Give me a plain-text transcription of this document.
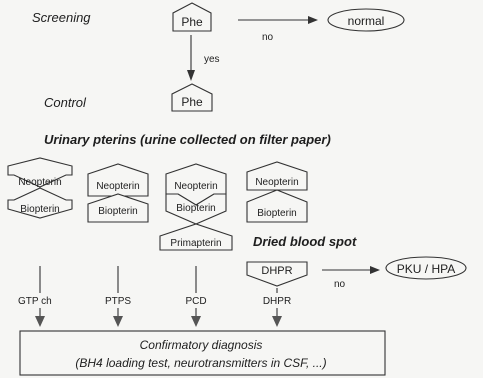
Screening
Control
Urinary pterins (urine collected on filter paper)
Dried blood spot
Phe
no
normal
yes
Phe
Neopterin
Biopterin
Neopterin
Biopterin
Neopterin
Biopterin
Primapterin
Neopterin
Biopterin
DHPR
no
PKU / HPA
GTP ch	PTPS	PCD	DHPR
Confirmatory diagnosis
(BH4 loading test, neurotransmitters in CSF, ...)
